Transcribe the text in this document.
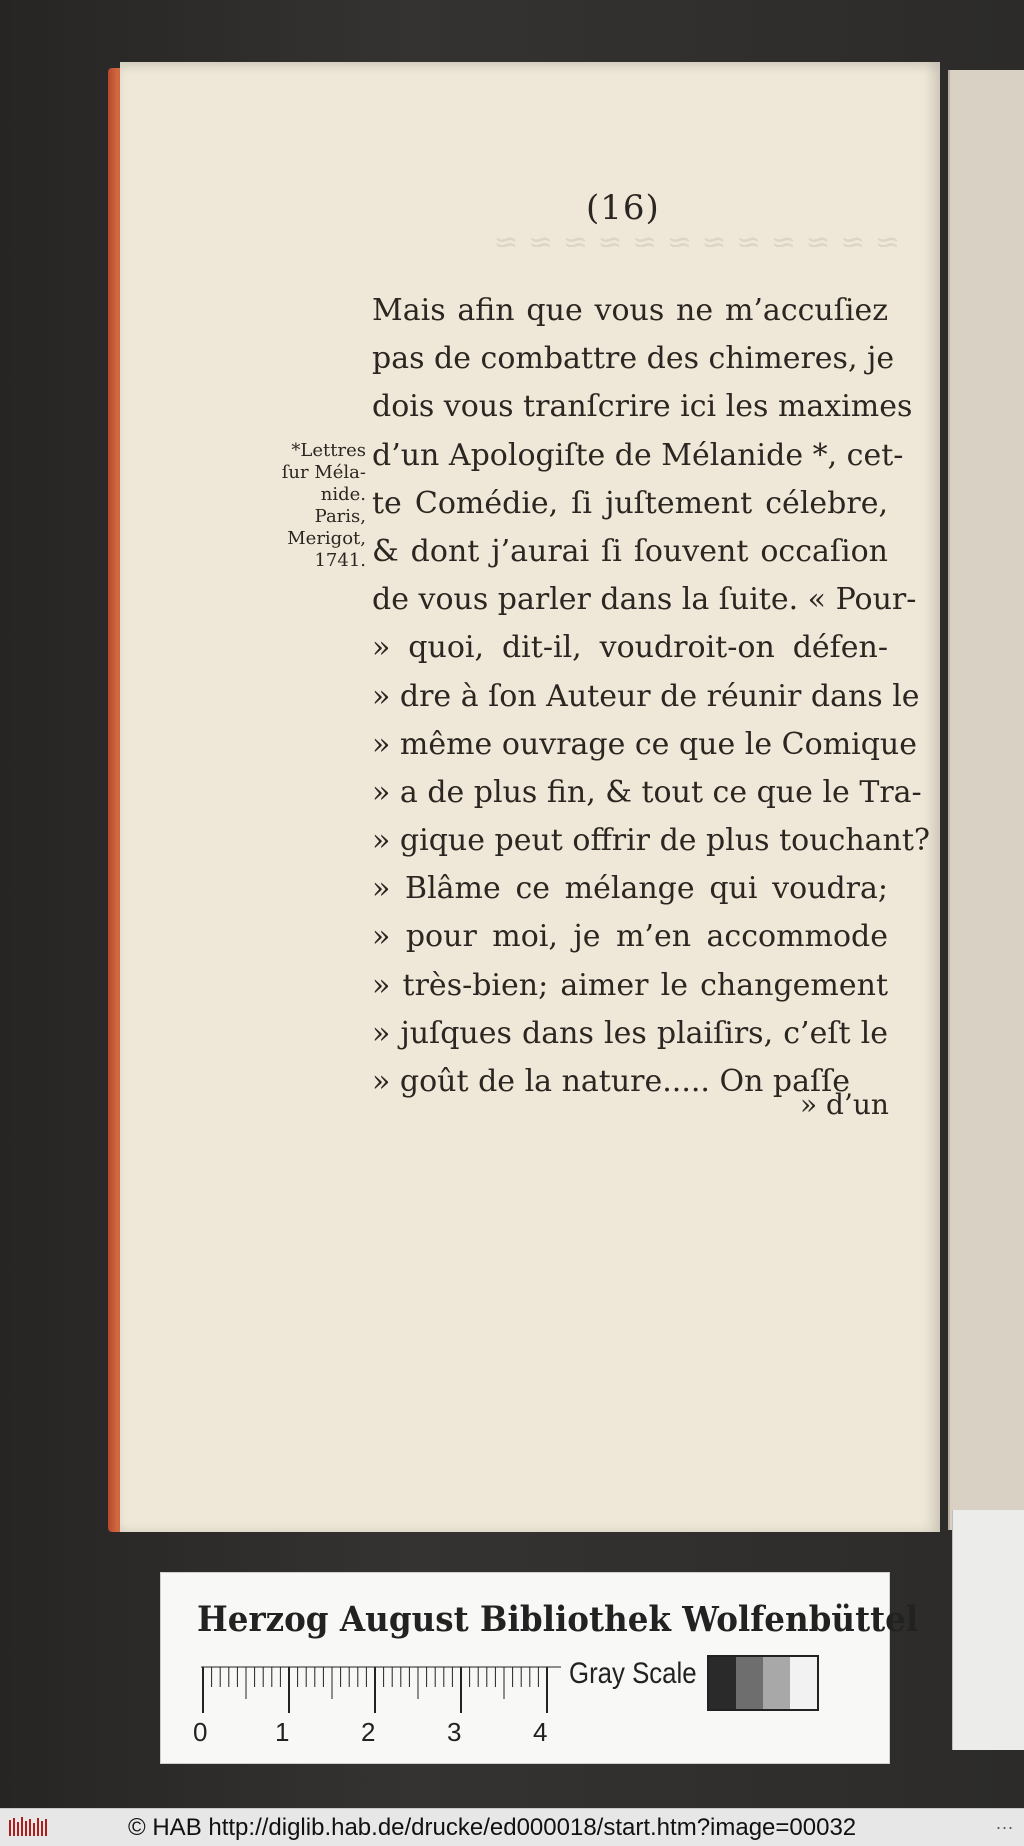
≈ ≈ ≈ ≈ ≈ ≈ ≈ ≈ ≈ ≈ ≈ ≈
(16)
*Lettres
ſur Méla-
nide.
Paris,
Merigot,
1741.
Mais afin que vous ne m’accuſiez
pas de combattre des chimeres, je
dois vous tranſcrire ici les maximes
d’un Apologiſte de Mélanide *, cet-
te Comédie, ſi juſtement célebre,
& dont j’aurai ſi ſouvent occaſion
de vous parler dans la ſuite. « Pour-
» quoi, dit-il, voudroit-on défen-
» dre à ſon Auteur de réunir dans le
» même ouvrage ce que le Comique
» a de plus fin, & tout ce que le Tra-
» gique peut offrir de plus touchant?
» Blâme ce mélange qui voudra;
» pour moi, je m’en accommode
» très-bien; aimer le changement
» juſques dans les plaiſirs, c’eſt le
» goût de la nature..... On paſſe
» d’un
Herzog August Bibliothek Wolfenbüttel
0	1	2	3	4
Gray Scale
© HAB http://diglib.hab.de/drucke/ed000018/start.htm?image=00032	...
